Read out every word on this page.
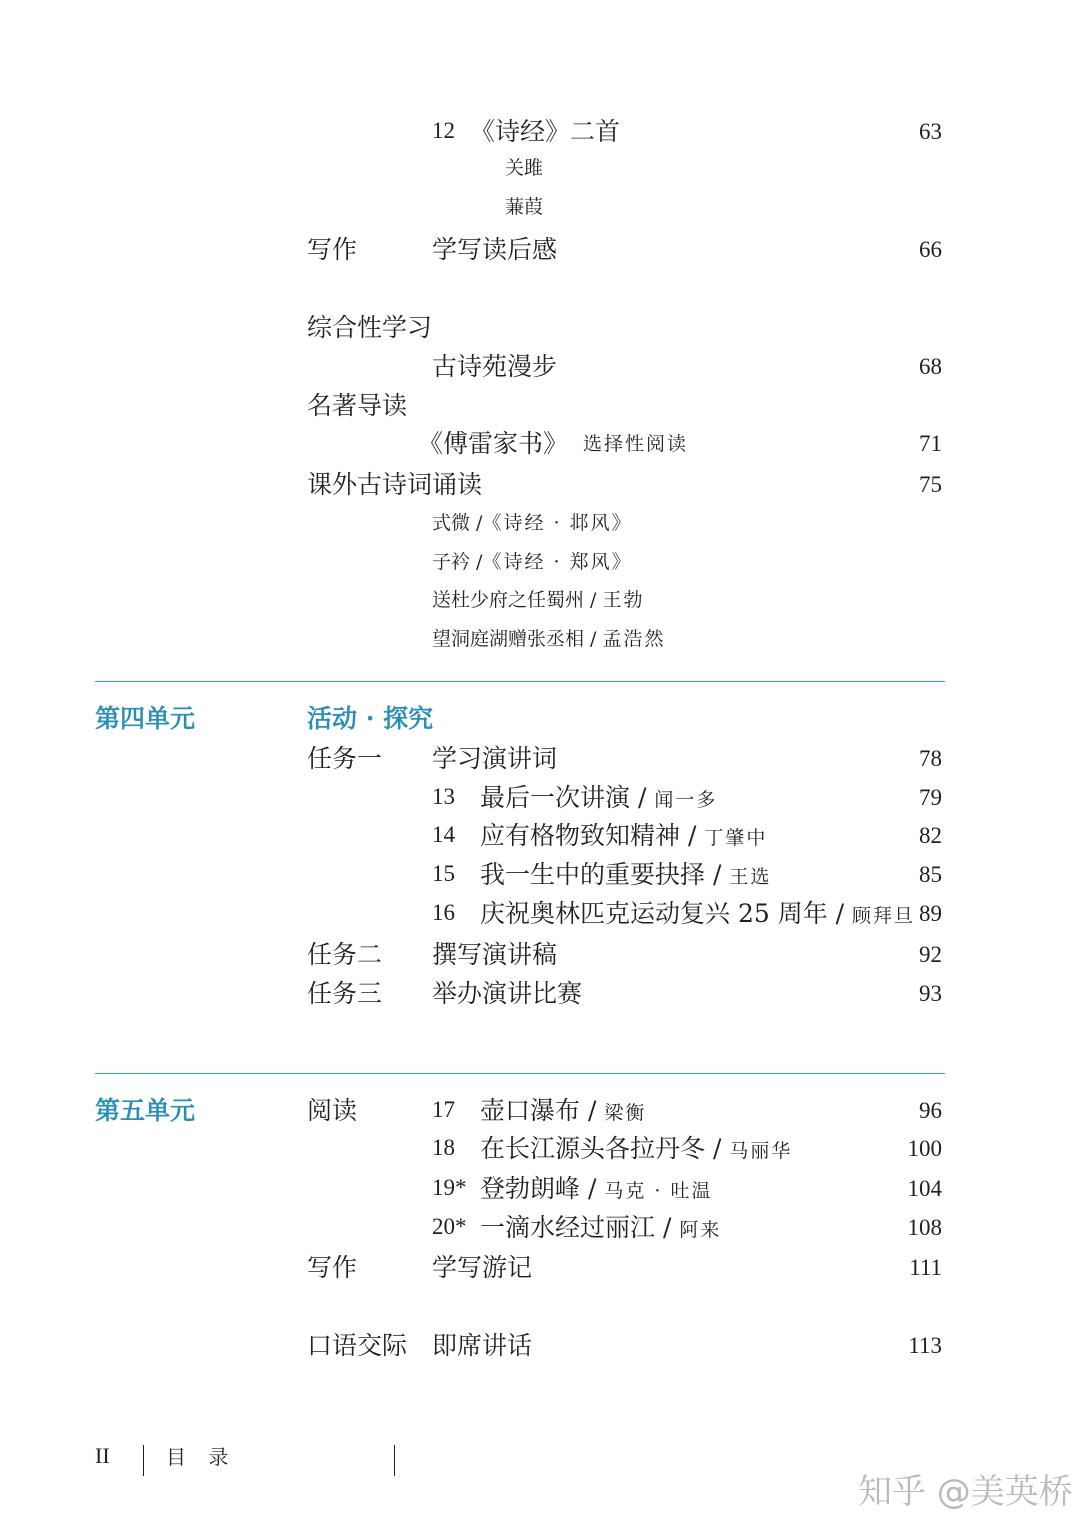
12 《诗经》二首	63
关雎
蒹葭
写作	学写读后感	66
综合性学习
古诗苑漫步	68
名著导读
《傅雷家书》 选择性阅读	71
课外古诗词诵读	75
式微 /《诗经 · 邶风》
子衿 /《诗经 · 郑风》
送杜少府之任蜀州 / 王勃
望洞庭湖赠张丞相 / 孟浩然
第四单元	活动 · 探究
任务一 学习演讲词	78
13 最后一次讲演 / 闻一多	79
14 应有格物致知精神 / 丁肇中	82
15 我一生中的重要抉择 / 王选	85
16 庆祝奥林匹克运动复兴 25 周年 / 顾拜旦 89
任务二 撰写演讲稿	92
任务三 举办演讲比赛	93
第五单元	阅读	17 壶口瀑布 / 梁衡	96
18 在长江源头各拉丹冬 / 马丽华	100
19* 登勃朗峰 / 马克 · 吐温	104
20* 一滴水经过丽江 / 阿来	108
写作	学写游记	111
口语交际 即席讲话	113
II	目 录
知乎 @美英桥
